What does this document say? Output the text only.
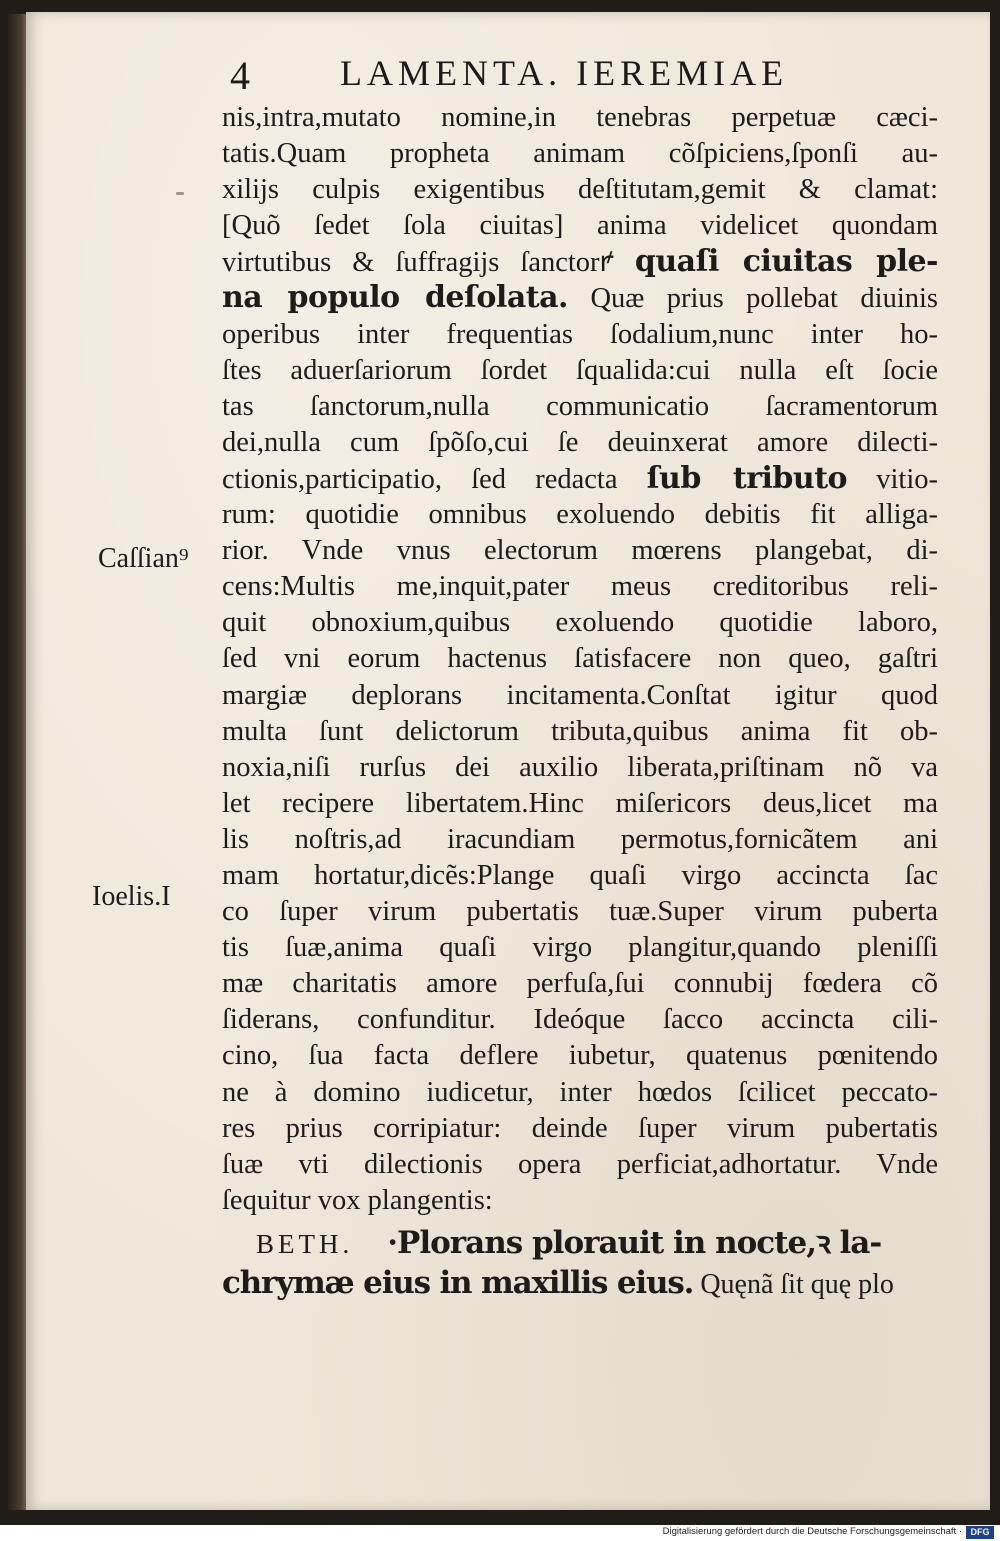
4 LAMENTA. IEREMIAE
Caſſian⁹
Ioelis.I
nis,intra,mutato nomine,in tenebras perpetuæ cæci-
tatis.Quam propheta animam cõſpiciens,ſponſi au-
xilijs culpis exigentibus deſtitutam,gemit & clamat:
[Quõ ſedet ſola ciuitas] anima videlicet quondam
virtutibus & ſuffragijs ſanctorꝵ quaſi ciuitas ple-
na populo deſolata. Quæ prius pollebat diuinis
operibus inter frequentias ſodalium,nunc inter ho-
ſtes aduerſariorum ſordet ſqualida:cui nulla eſt ſocie
tas ſanctorum,nulla communicatio ſacramentorum
dei,nulla cum ſpõſo,cui ſe deuinxerat amore dilecti-
ctionis,participatio, ſed redacta ſub tributo vitio-
rum: quotidie omnibus exoluendo debitis fit alliga-
rior. Vnde vnus electorum mœrens plangebat, di-
cens:Multis me,inquit,pater meus creditoribus reli-
quit obnoxium,quibus exoluendo quotidie laboro,
ſed vni eorum hactenus ſatisfacere non queo, gaſtri
margiæ deplorans incitamenta.Conſtat igitur quod
multa ſunt delictorum tributa,quibus anima fit ob-
noxia,niſi rurſus dei auxilio liberata,priſtinam nõ va
let recipere libertatem.Hinc miſericors deus,licet ma
lis noſtris,ad iracundiam permotus,fornicãtem ani
mam hortatur,dicẽs:Plange quaſi virgo accincta ſac
co ſuper virum pubertatis tuæ.Super virum puberta
tis ſuæ,anima quaſi virgo plangitur,quando pleniſſi
mæ charitatis amore perfuſa,ſui connubij fœdera cõ
ſiderans, confunditur. Ideóque ſacco accincta cili-
cino, ſua facta deflere iubetur, quatenus pœnitendo
ne à domino iudicetur, inter hœdos ſcilicet peccato-
res prius corripiatur: deinde ſuper virum pubertatis
ſuæ vti dilectionis opera perficiat,adhortatur. Vnde
ſequitur vox plangentis:
BETH. ·Plorans plorauit in nocte,ꝛ la-
chrymæ eius in maxillis eius. Quęnã ſit quę plo
Digitalisierung gefördert durch die Deutsche Forschungsgemeinschaft · DFG
